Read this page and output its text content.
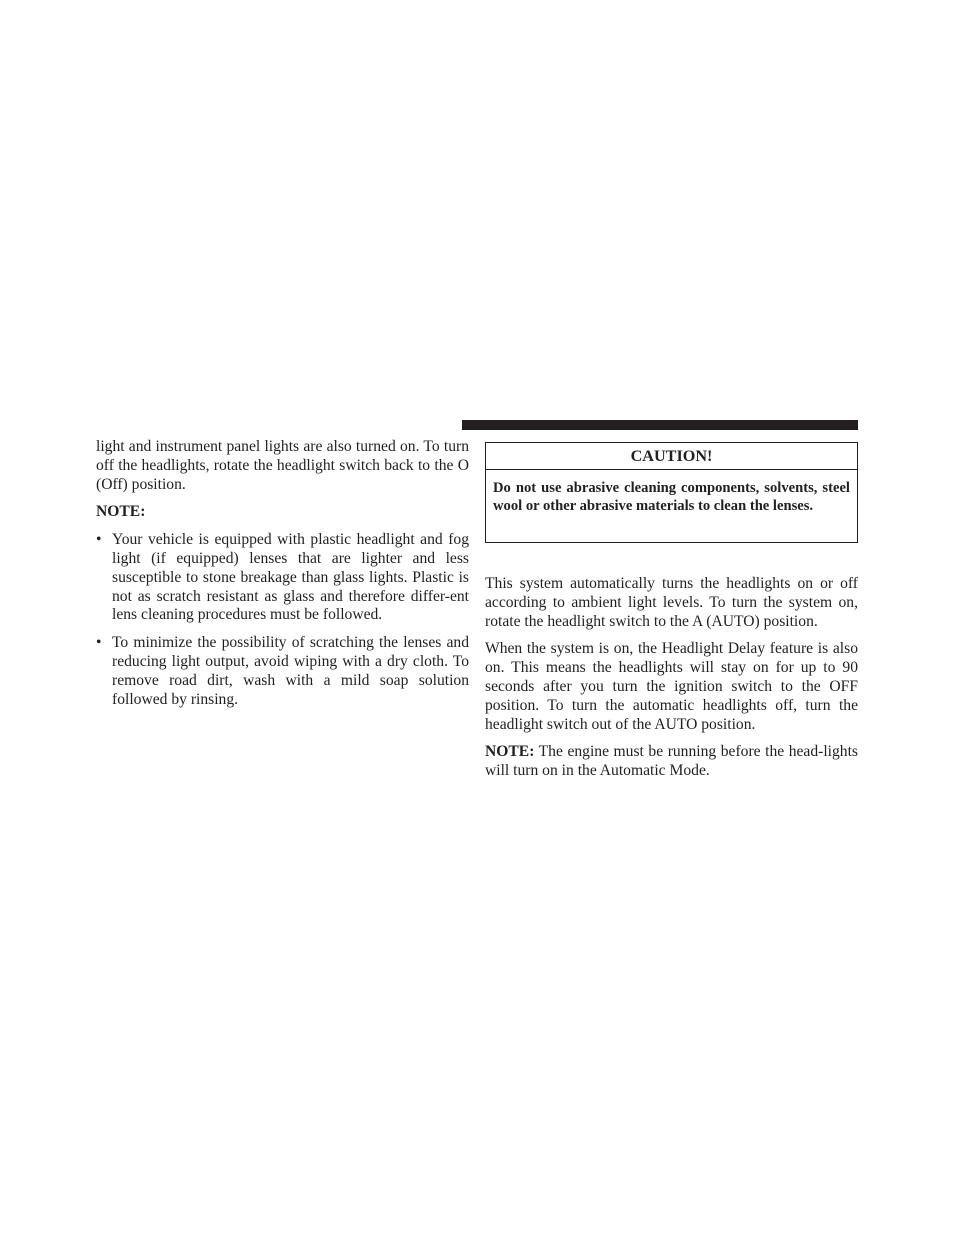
light and instrument panel lights are also turned on. To turn off the headlights, rotate the headlight switch back to the O (Off) position.

NOTE:
• Your vehicle is equipped with plastic headlight and fog light (if equipped) lenses that are lighter and less susceptible to stone breakage than glass lights. Plastic is not as scratch resistant as glass and therefore differ-ent lens cleaning procedures must be followed.
• To minimize the possibility of scratching the lenses and reducing light output, avoid wiping with a dry cloth. To remove road dirt, wash with a mild soap solution followed by rinsing.
CAUTION!
Do not use abrasive cleaning components, solvents, steel wool or other abrasive materials to clean the lenses.

This system automatically turns the headlights on or off according to ambient light levels. To turn the system on, rotate the headlight switch to the A (AUTO) position.

When the system is on, the Headlight Delay feature is also on. This means the headlights will stay on for up to 90 seconds after you turn the ignition switch to the OFF position. To turn the automatic headlights off, turn the headlight switch out of the AUTO position.

NOTE: The engine must be running before the head-lights will turn on in the Automatic Mode.
